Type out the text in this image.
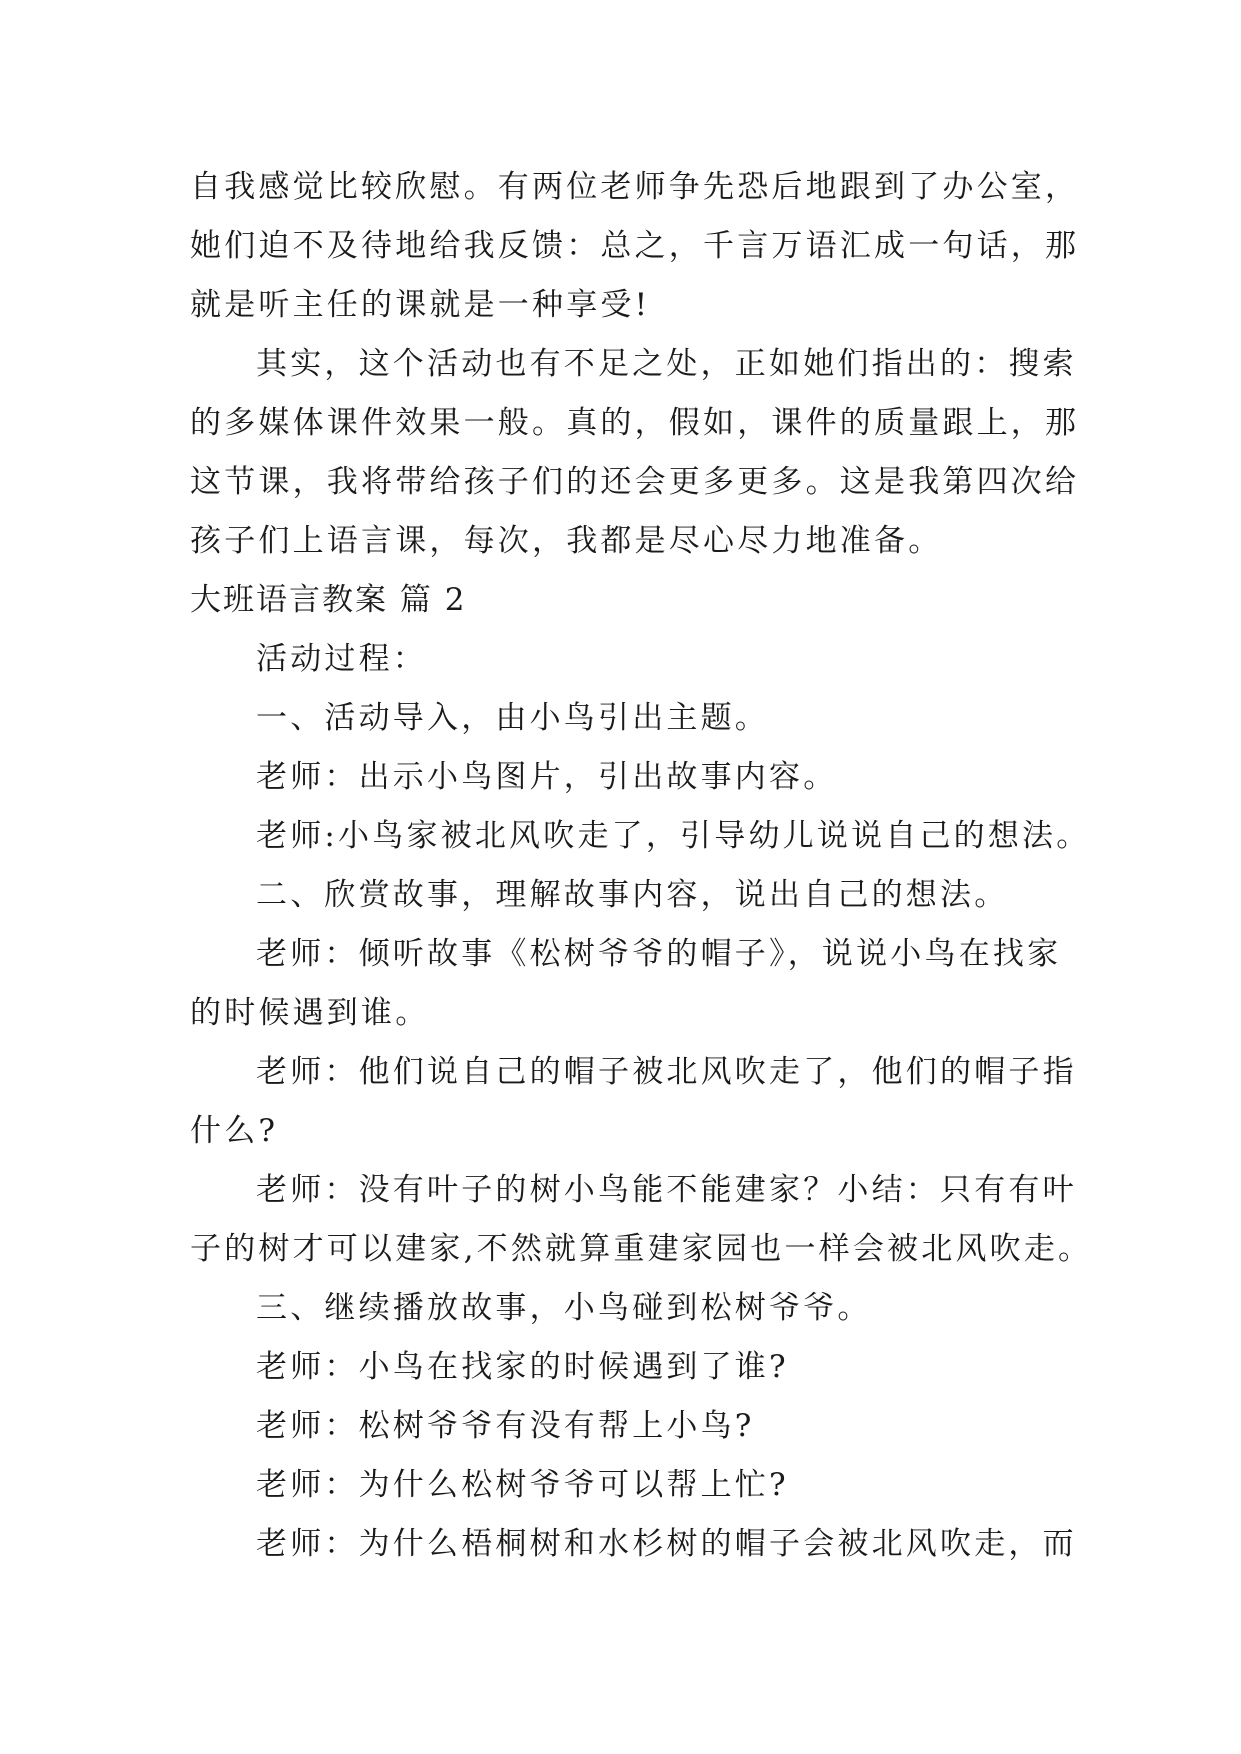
自我感觉比较欣慰。有两位老师争先恐后地跟到了办公室，
她们迫不及待地给我反馈：总之，千言万语汇成一句话，那
就是听主任的课就是一种享受!
其实，这个活动也有不足之处，正如她们指出的：搜索
的多媒体课件效果一般。真的，假如，课件的质量跟上，那
这节课，我将带给孩子们的还会更多更多。这是我第四次给
孩子们上语言课，每次，我都是尽心尽力地准备。
大班语言教案 篇 2
活动过程：
一、活动导入，由小鸟引出主题。
老师：出示小鸟图片，引出故事内容。
老师:小鸟家被北风吹走了，引导幼儿说说自己的想法。
二、欣赏故事，理解故事内容，说出自己的想法。
老师：倾听故事《松树爷爷的帽子》，说说小鸟在找家
的时候遇到谁。
老师：他们说自己的帽子被北风吹走了，他们的帽子指
什么?
老师：没有叶子的树小鸟能不能建家？小结：只有有叶
子的树才可以建家,不然就算重建家园也一样会被北风吹走。
三、继续播放故事，小鸟碰到松树爷爷。
老师：小鸟在找家的时候遇到了谁?
老师：松树爷爷有没有帮上小鸟?
老师：为什么松树爷爷可以帮上忙?
老师：为什么梧桐树和水杉树的帽子会被北风吹走，而
